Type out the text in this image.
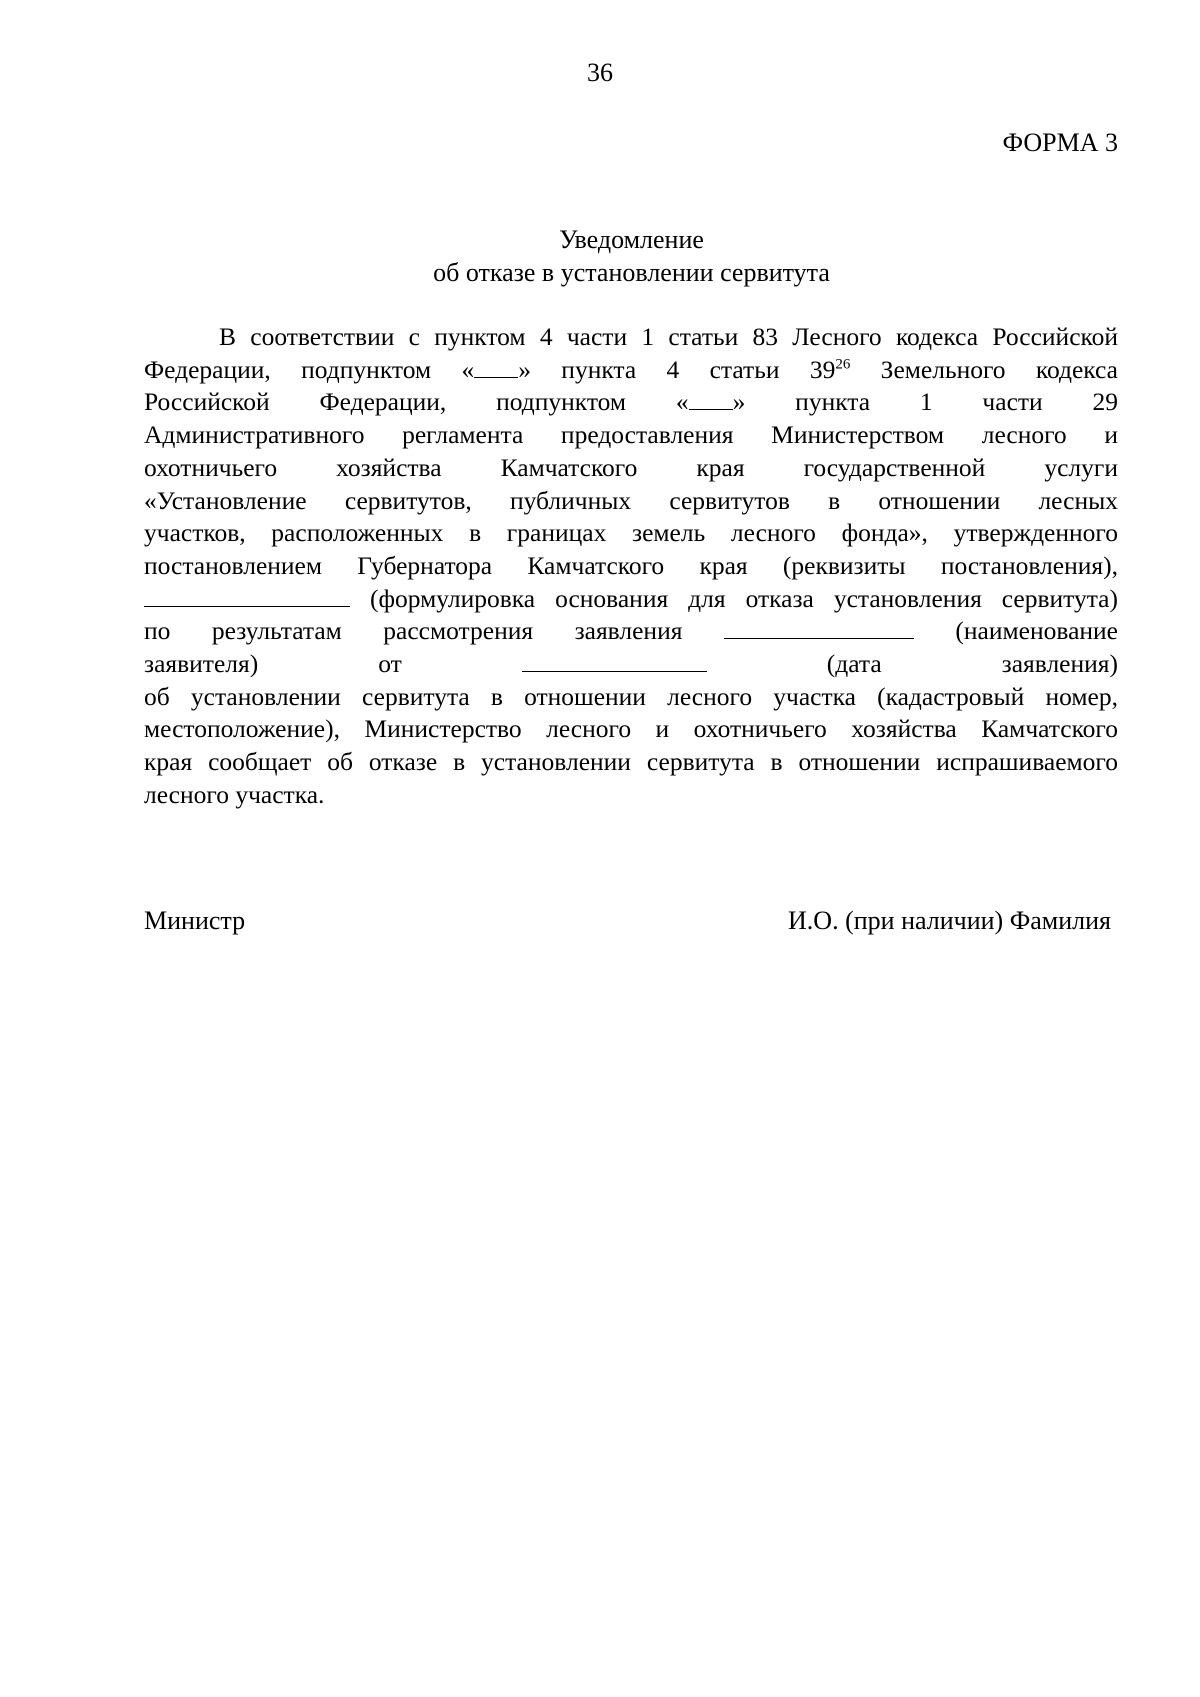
36
ФОРМА 3
Уведомление
об отказе в установлении сервитута
В соответствии с пунктом 4 части 1 статьи 83 Лесного кодекса Российской
Федерации, подпунктом « » пункта 4 статьи $39^{26}$ Земельного кодекса
Российской Федерации, подпунктом « » пункта 1 части 29
Административного регламента предоставления Министерством лесного и
охотничьего хозяйства Камчатского края государственной услуги
«Установление сервитутов, публичных сервитутов в отношении лесных
участков, расположенных в границах земель лесного фонда», утвержденного
постановлением Губернатора Камчатского края (реквизиты постановления),
(формулировка основания для отказа установления сервитута)
по результатам рассмотрения заявления	(наименование
заявителя) от	(дата заявления)
об установлении сервитута в отношении лесного участка (кадастровый номер,
местоположение), Министерство лесного и охотничьего хозяйства Камчатского
края сообщает об отказе в установлении сервитута в отношении испрашиваемого
лесного участка.
Министр	И.О. (при наличии) Фамилия
